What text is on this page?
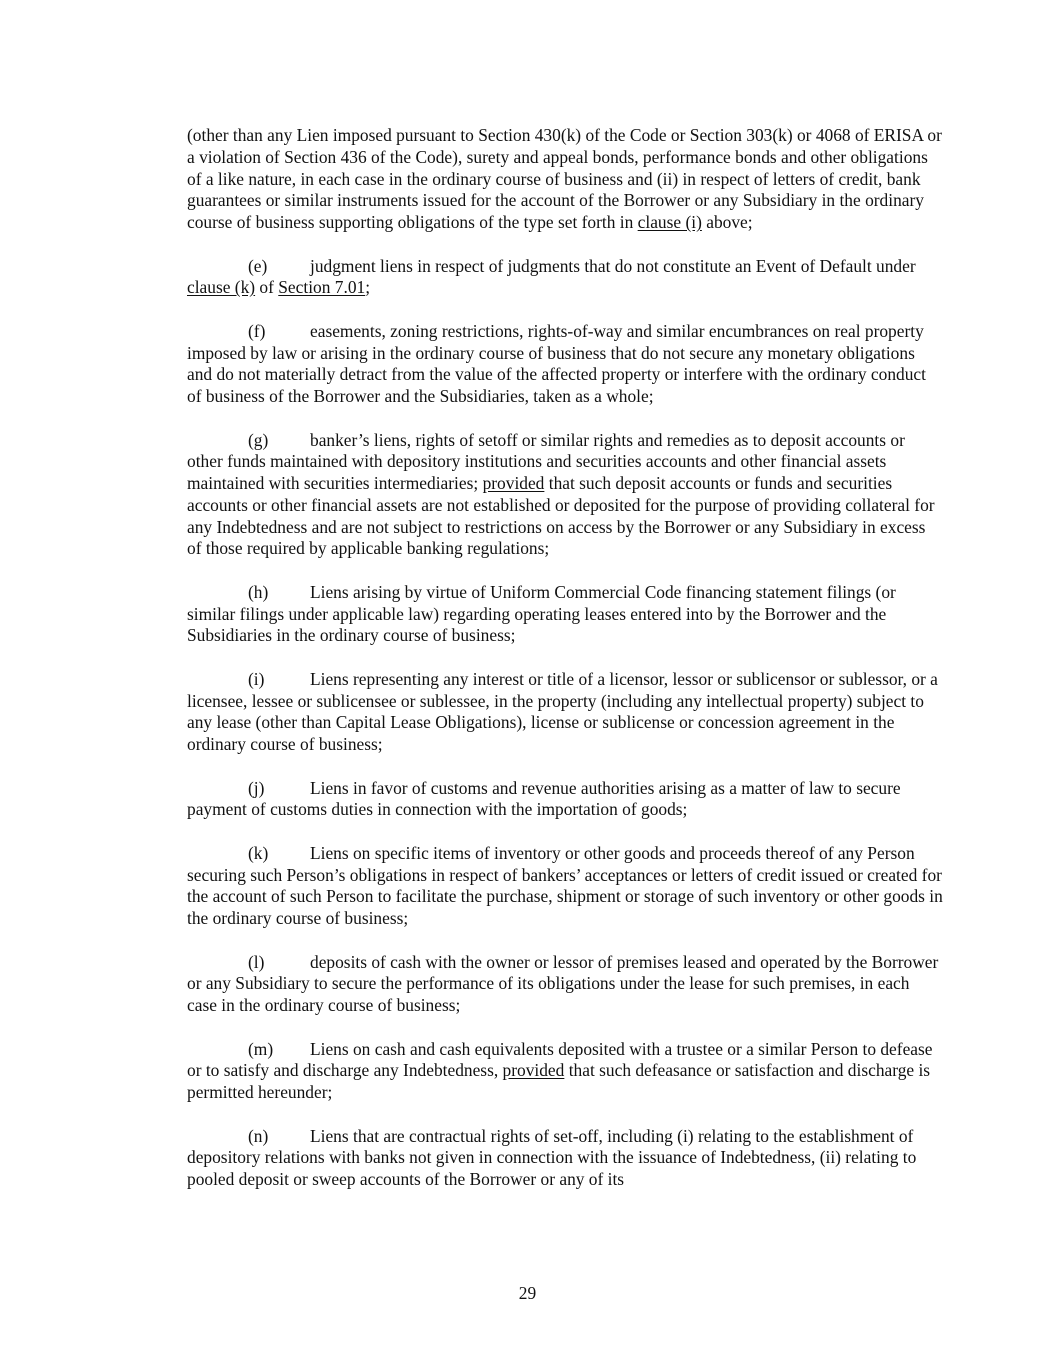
(other than any Lien imposed pursuant to Section 430(k) of the Code or Section 303(k) or 4068 of ERISA or a violation of Section 436 of the Code), surety and appeal bonds, performance bonds and other obligations of a like nature, in each case in the ordinary course of business and (ii) in respect of letters of credit, bank guarantees or similar instruments issued for the account of the Borrower or any Subsidiary in the ordinary course of business supporting obligations of the type set forth in clause (i) above;

(e) judgment liens in respect of judgments that do not constitute an Event of Default under clause (k) of Section 7.01;

(f)	easements, zoning restrictions, rights-of-way and similar encumbrances on real property imposed by law or arising in the ordinary course of business that do not secure any monetary obligations and do not materially detract from the value of the affected property or interfere with the ordinary conduct of business of the Borrower and the Subsidiaries, taken as a whole;

(g) banker’s liens, rights of setoff or similar rights and remedies as to deposit accounts or other funds maintained with depository institutions and securities accounts and other financial assets maintained with securities intermediaries; provided that such deposit accounts or funds and securities accounts or other financial assets are not established or deposited for the purpose of providing collateral for any Indebtedness and are not subject to restrictions on access by the Borrower or any Subsidiary in excess of those required by applicable banking regulations;

(h) Liens arising by virtue of Uniform Commercial Code financing statement filings (or similar filings under applicable law) regarding operating leases entered into by the Borrower and the Subsidiaries in the ordinary course of business;

(i)	Liens representing any interest or title of a licensor, lessor or sublicensor or sublessor, or a licensee, lessee or sublicensee or sublessee, in the property (including any intellectual property) subject to any lease (other than Capital Lease Obligations), license or sublicense or concession agreement in the ordinary course of business;

(j)	Liens in favor of customs and revenue authorities arising as a matter of law to secure payment of customs duties in connection with the importation of goods;

(k) Liens on specific items of inventory or other goods and proceeds thereof of any Person securing such Person’s obligations in respect of bankers’ acceptances or letters of credit issued or created for the account of such Person to facilitate the purchase, shipment or storage of such inventory or other goods in the ordinary course of business;

(l)	deposits of cash with the owner or lessor of premises leased and operated by the Borrower or any Subsidiary to secure the performance of its obligations under the lease for such premises, in each case in the ordinary course of business;

(m) Liens on cash and cash equivalents deposited with a trustee or a similar Person to defease or to satisfy and discharge any Indebtedness, provided that such defeasance or satisfaction and discharge is permitted hereunder;

(n) Liens that are contractual rights of set-off, including (i) relating to the establishment of depository relations with banks not given in connection with the issuance of Indebtedness, (ii) relating to pooled deposit or sweep accounts of the Borrower or any of its

29
